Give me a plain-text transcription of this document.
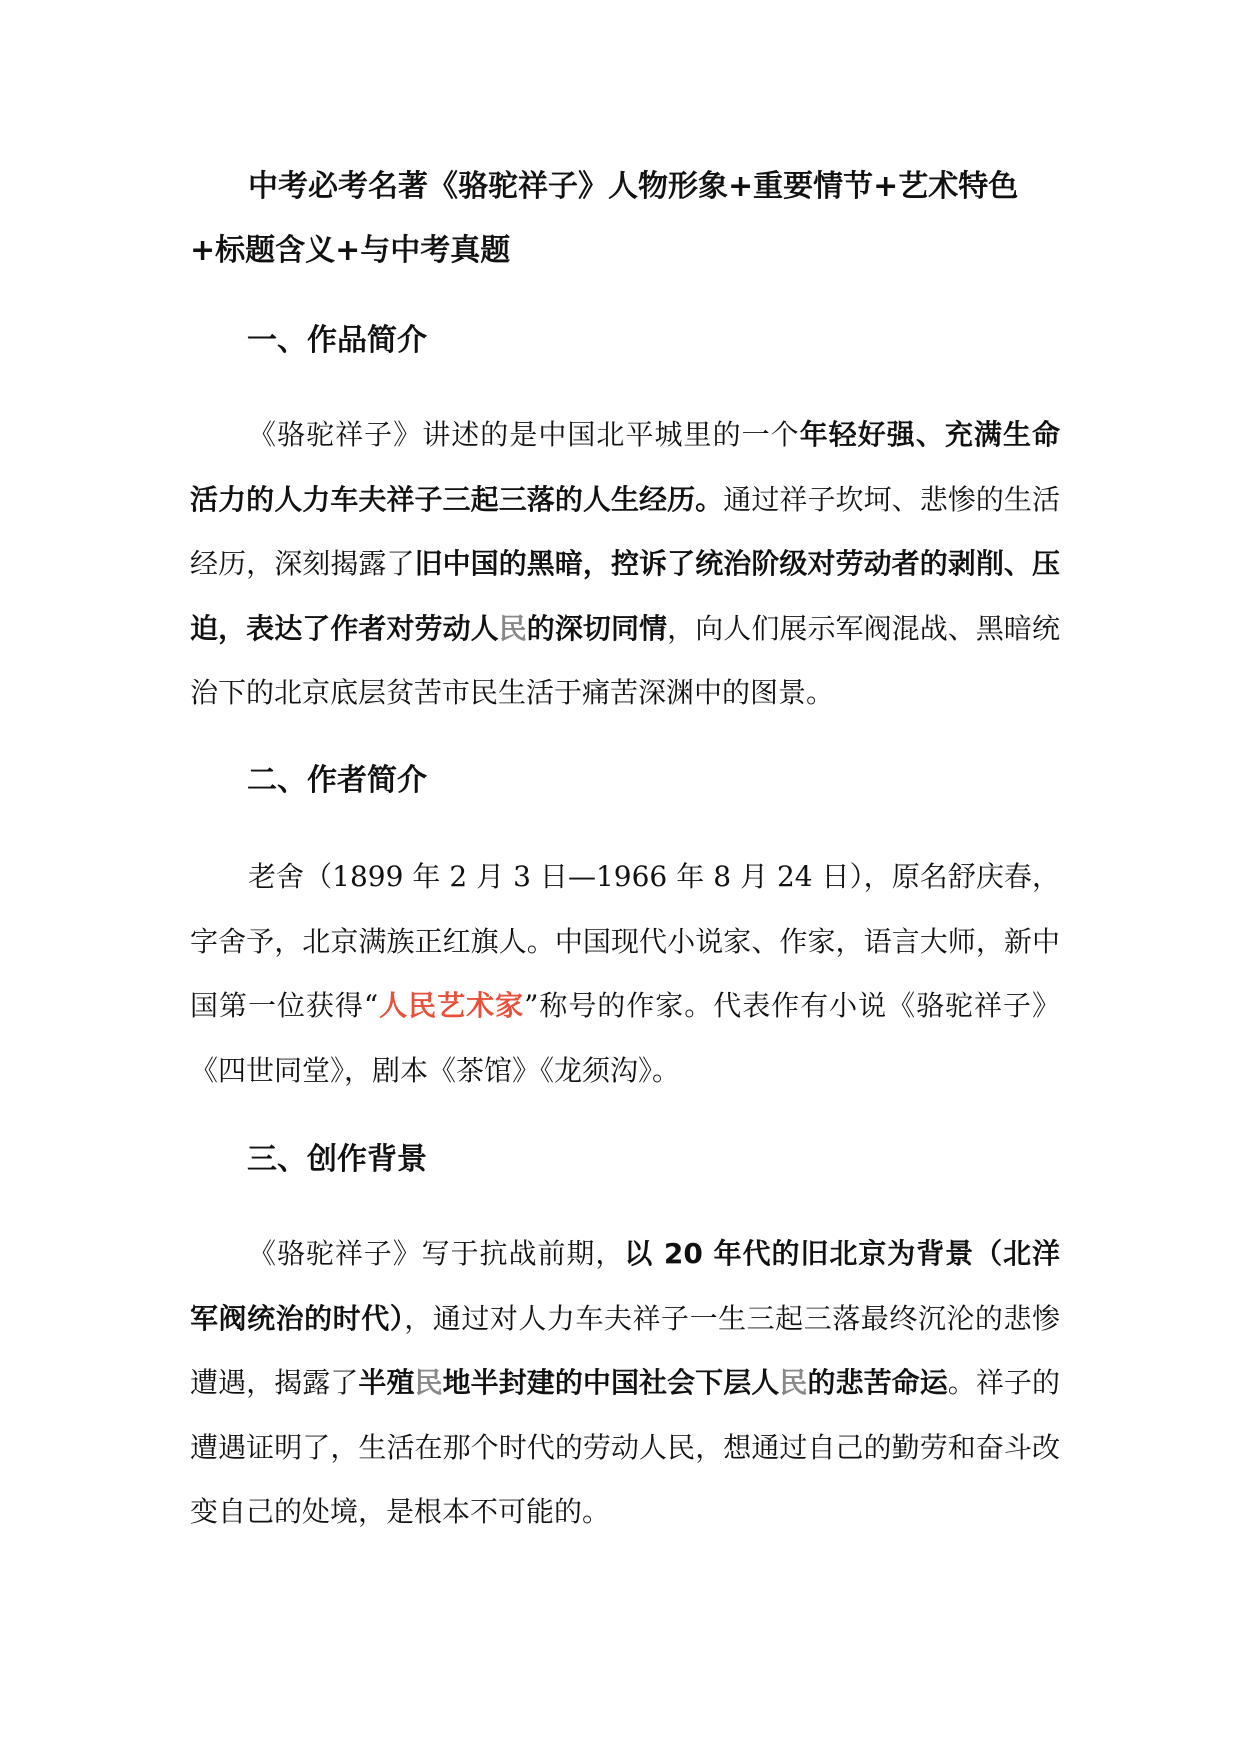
中考必考名著《骆驼祥子》人物形象+重要情节+艺术特色+标题含义+与中考真题

一、作品简介

《骆驼祥子》讲述的是中国北平城里的一个年轻好强、充满生命活力的人力车夫祥子三起三落的人生经历。通过祥子坎坷、悲惨的生活经历，深刻揭露了旧中国的黑暗，控诉了统治阶级对劳动者的剥削、压迫，表达了作者对劳动人民的深切同情，向人们展示军阀混战、黑暗统治下的北京底层贫苦市民生活于痛苦深渊中的图景。

二、作者简介

老舍（1899 年 2 月 3 日—1966 年 8 月 24 日），原名舒庆春，字舍予，北京满族正红旗人。中国现代小说家、作家，语言大师，新中国第一位获得“人民艺术家”称号的作家。代表作有小说《骆驼祥子》《四世同堂》，剧本《茶馆》《龙须沟》。

三、创作背景

《骆驼祥子》写于抗战前期，以 20 年代的旧北京为背景（北洋军阀统治的时代），通过对人力车夫祥子一生三起三落最终沉沦的悲惨遭遇，揭露了半殖民地半封建的中国社会下层人民的悲苦命运。祥子的遭遇证明了，生活在那个时代的劳动人民，想通过自己的勤劳和奋斗改变自己的处境，是根本不可能的。
